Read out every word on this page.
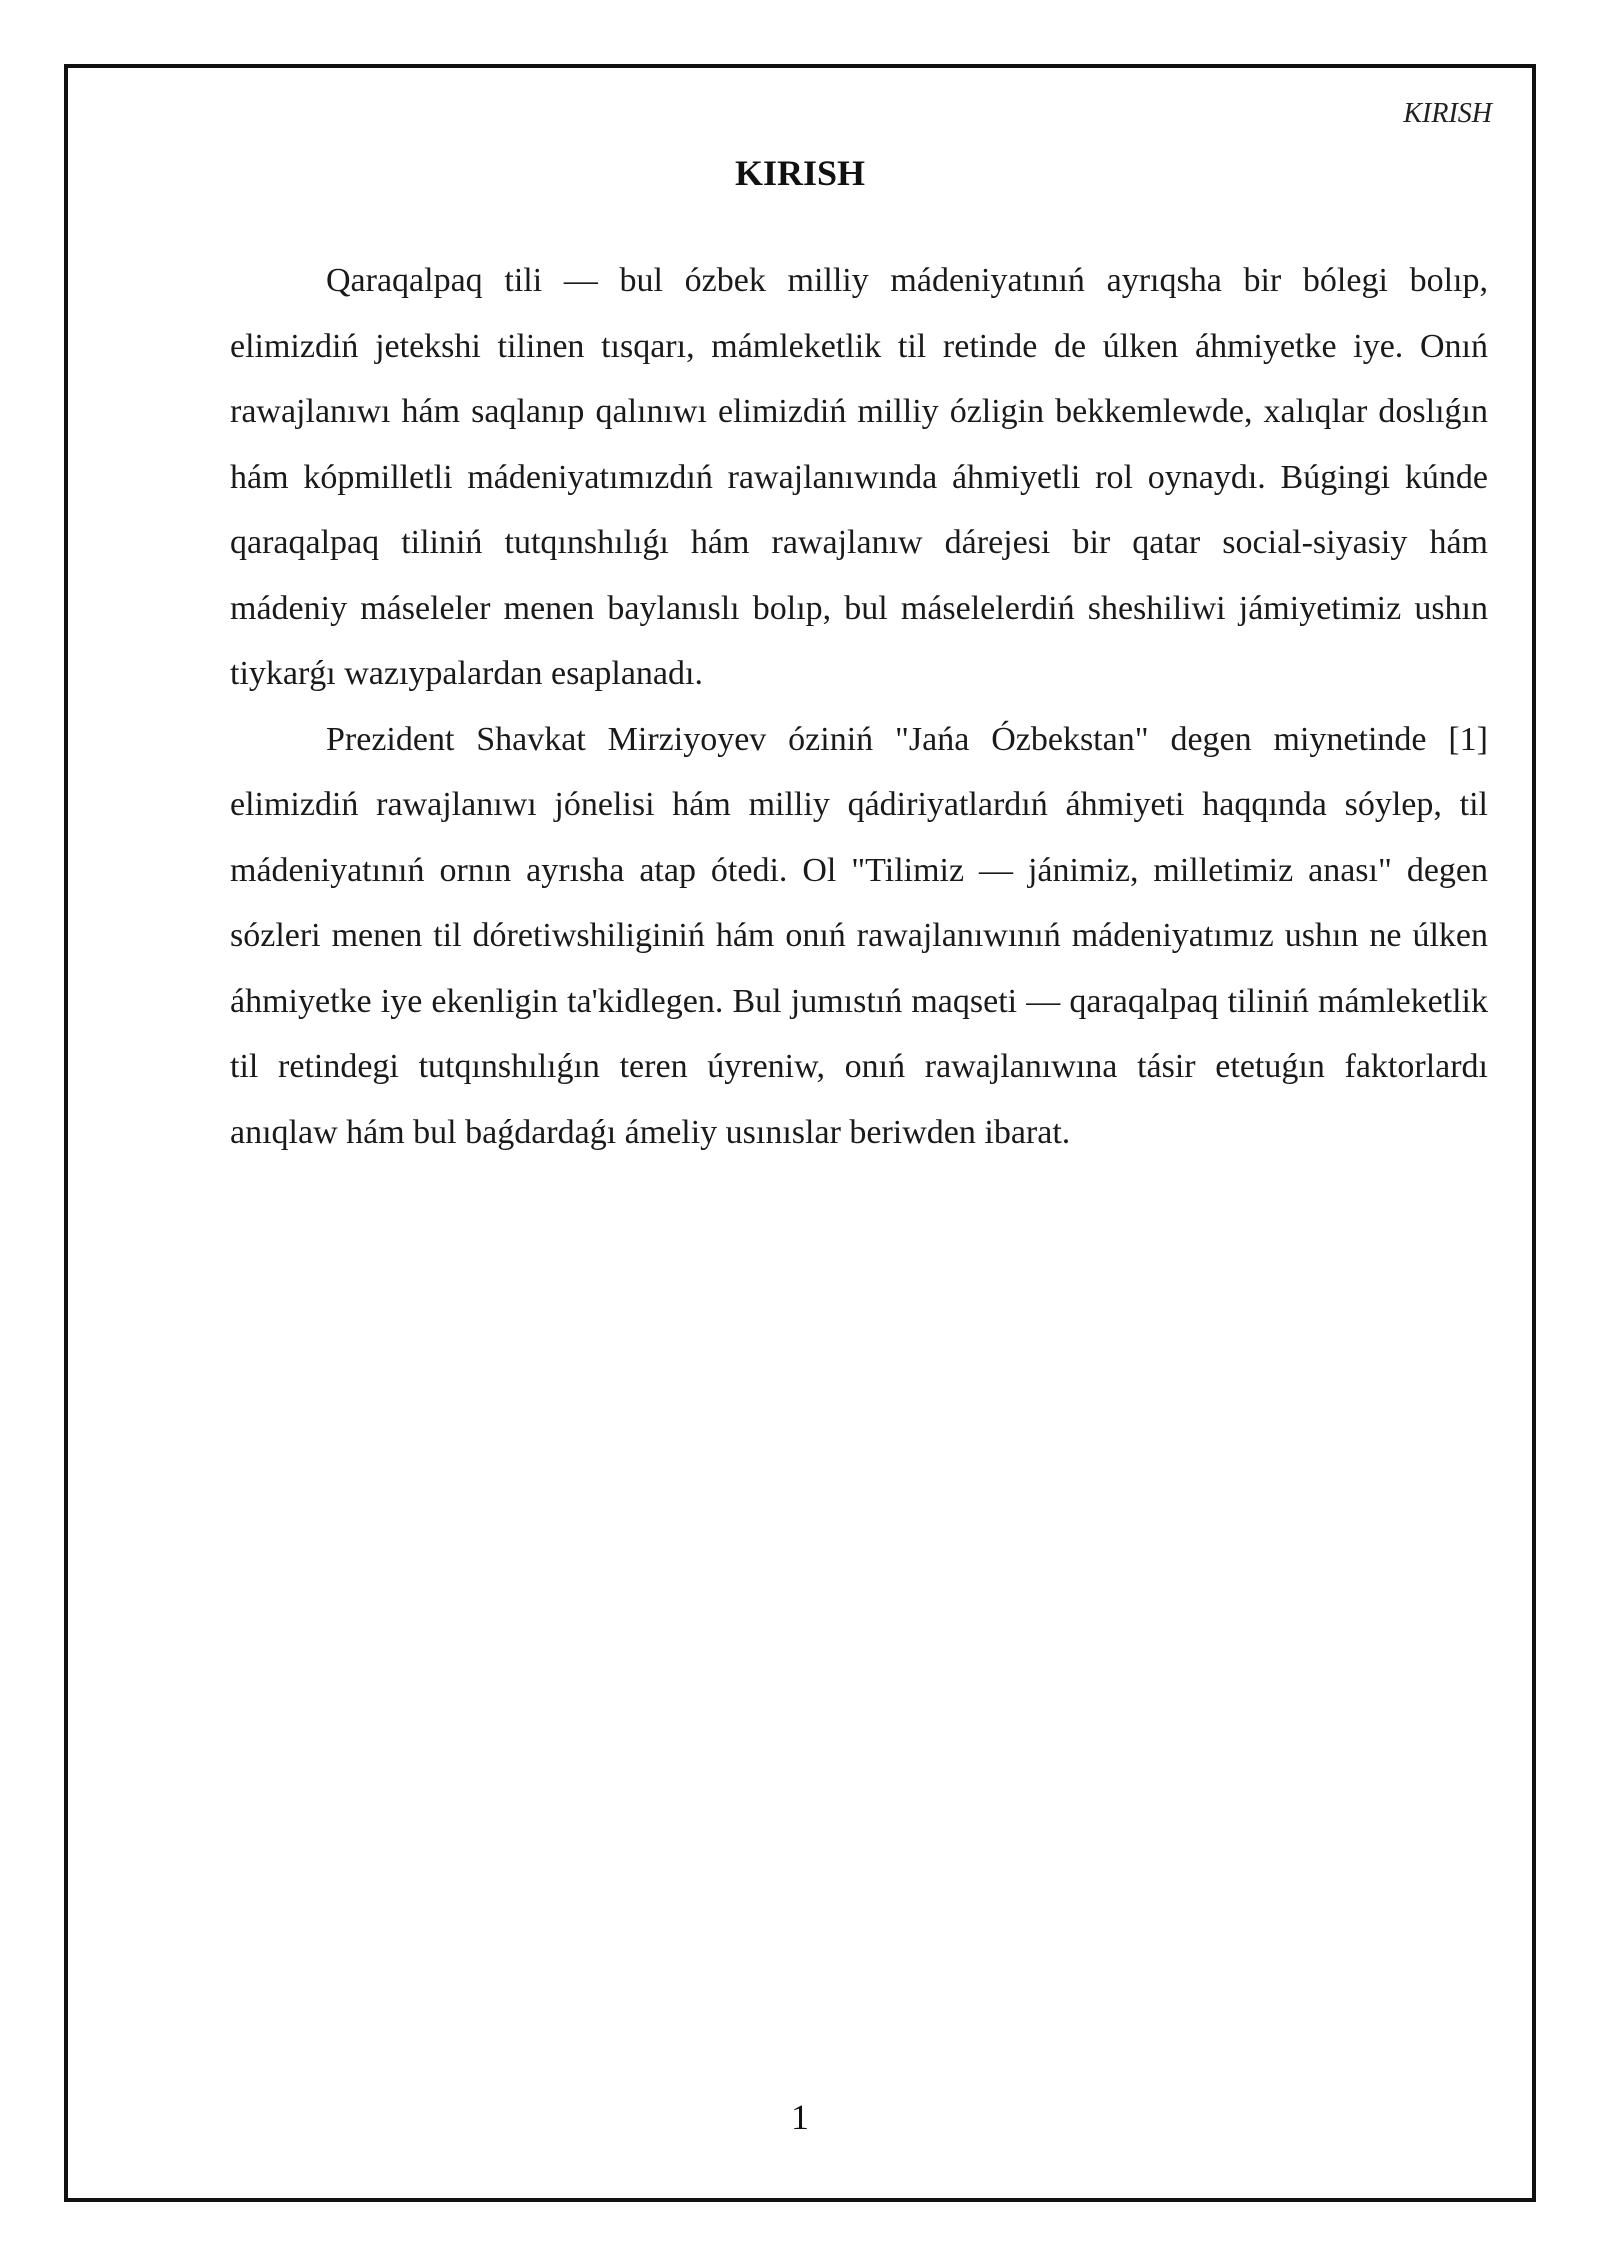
KIRISH
KIRISH

Qaraqalpaq tili — bul ózbek milliy mádeniyatınıń ayrıqsha bir bólegi bolıp, elimizdiń jetekshi tilinen tısqarı, mámleketlik til retinde de úlken áhmiyetke iye. Onıń rawajlanıwı hám saqlanıp qalınıwı elimizdiń milliy ózligin bekkemlewde, xalıqlar doslıǵın hám kópmilletli mádeniyatımızdıń rawajlanıwında áhmiyetli rol oynaydı. Búgingi kúnde qaraqalpaq tiliniń tutqınshılıǵı hám rawajlanıw dárejesi bir qatar social-siyasiy hám mádeniy máseleler menen baylanıslı bolıp, bul máselelerdiń sheshiliwi jámiyetimiz ushın tiykarǵı wazıypalardan esaplanadı.

Prezident Shavkat Mirziyoyev óziniń "Jańa Ózbekstan" degen miynetinde [1] elimizdiń rawajlanıwı jónelisi hám milliy qádiriyatlardıń áhmiyeti haqqında sóylep, til mádeniyatınıń ornın ayrısha atap ótedi. Ol "Tilimiz — jánimiz, milletimiz anası" degen sózleri menen til dóretiwshiliginiń hám onıń rawajlanıwınıń mádeniyatımız ushın ne úlken áhmiyetke iye ekenligin ta'kidlegen. Bul jumıstıń maqseti — qaraqalpaq tiliniń mámleketlik til retindegi tutqınshılıǵın teren úyreniw, onıń rawajlanıwına tásir etetuǵın faktorlardı anıqlaw hám bul baǵdardaǵı ámeliy usınıslar beriwden ibarat.

1
